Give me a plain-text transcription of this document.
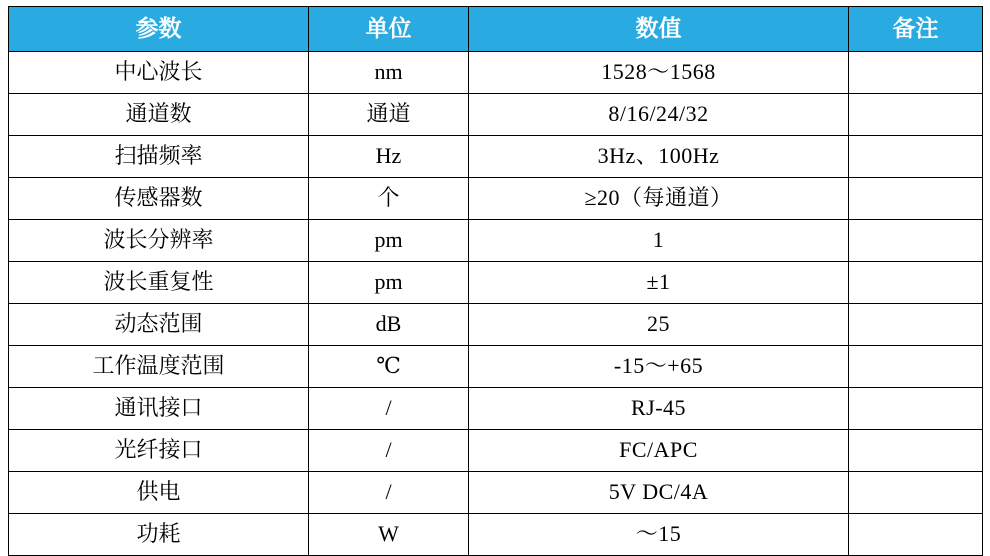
参数	单位	数值	备注
中心波长	nm	1528〜1568	
通道数	通道	8/16/24/32	
扫描频率	Hz	3Hz、100Hz	
传感器数	个	≥20（每通道）	
波长分辨率	pm	1	
波长重复性	pm	±1	
动态范围	dB	25	
工作温度范围	℃	-15〜+65	
通讯接口	/	RJ-45	
光纤接口	/	FC/APC	
供电	/	5V DC/4A	
功耗	W	〜15	
